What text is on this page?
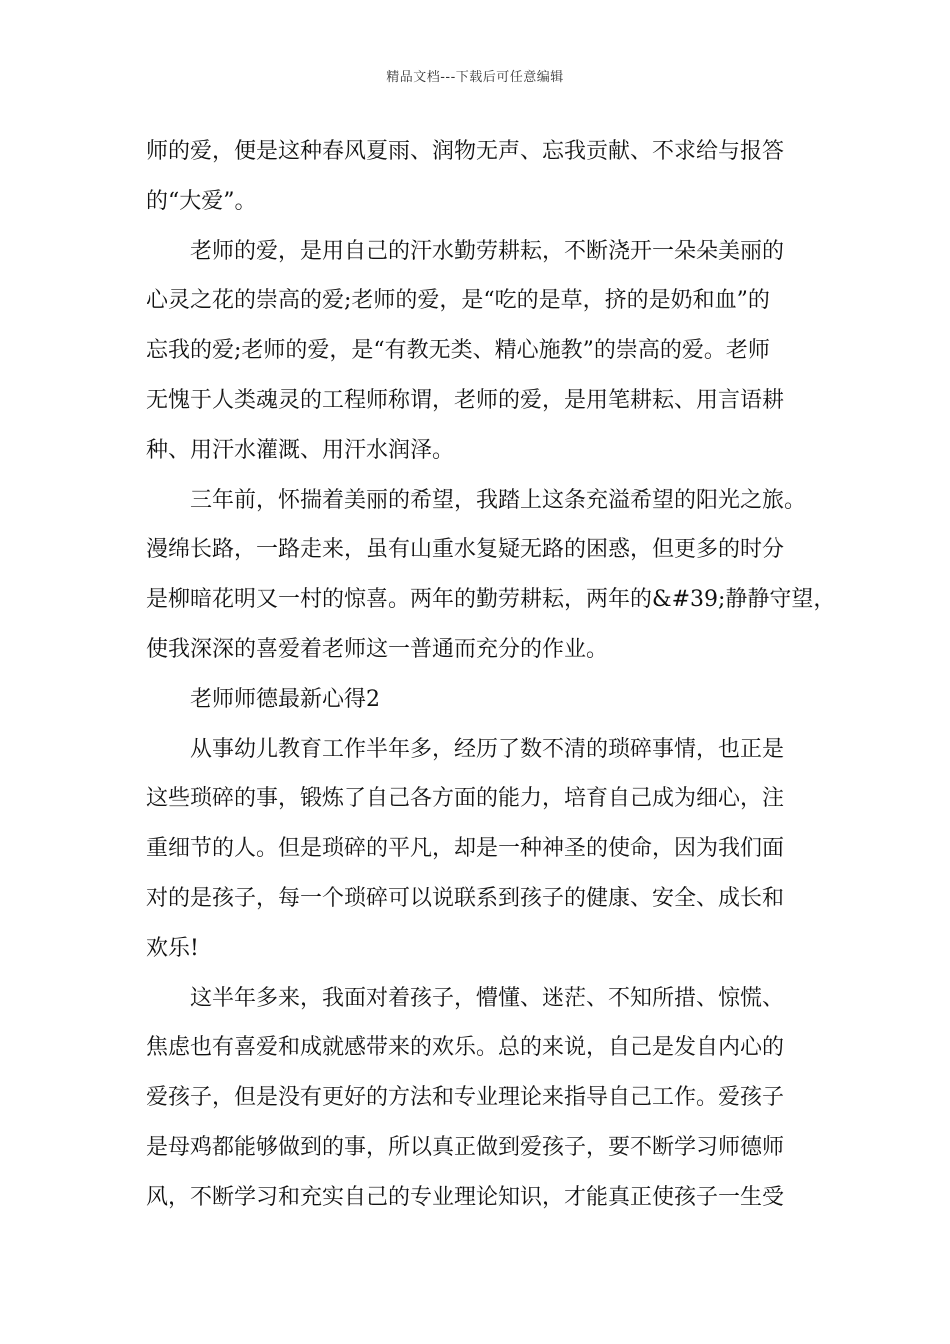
精品文档---下载后可任意编辑
师的爱，便是这种春风夏雨、润物无声、忘我贡献、不求给与报答
的“大爱”。
老师的爱，是用自己的汗水勤劳耕耘，不断浇开一朵朵美丽的
心灵之花的崇高的爱;老师的爱，是“吃的是草，挤的是奶和血”的
忘我的爱;老师的爱，是“有教无类、精心施教”的崇高的爱。老师
无愧于人类魂灵的工程师称谓，老师的爱，是用笔耕耘、用言语耕
种、用汗水灌溉、用汗水润泽。
三年前，怀揣着美丽的希望，我踏上这条充溢希望的阳光之旅。
漫绵长路，一路走来，虽有山重水复疑无路的困惑，但更多的时分
是柳暗花明又一村的惊喜。两年的勤劳耕耘，两年的&#39;静静守望，
使我深深的喜爱着老师这一普通而充分的作业。
老师师德最新心得2
从事幼儿教育工作半年多，经历了数不清的琐碎事情，也正是
这些琐碎的事，锻炼了自己各方面的能力，培育自己成为细心，注
重细节的人。但是琐碎的平凡，却是一种神圣的使命，因为我们面
对的是孩子，每一个琐碎可以说联系到孩子的健康、安全、成长和
欢乐!
这半年多来，我面对着孩子，懵懂、迷茫、不知所措、惊慌、
焦虑也有喜爱和成就感带来的欢乐。总的来说，自己是发自内心的
爱孩子，但是没有更好的方法和专业理论来指导自己工作。爱孩子
是母鸡都能够做到的事，所以真正做到爱孩子，要不断学习师德师
风，不断学习和充实自己的专业理论知识，才能真正使孩子一生受
